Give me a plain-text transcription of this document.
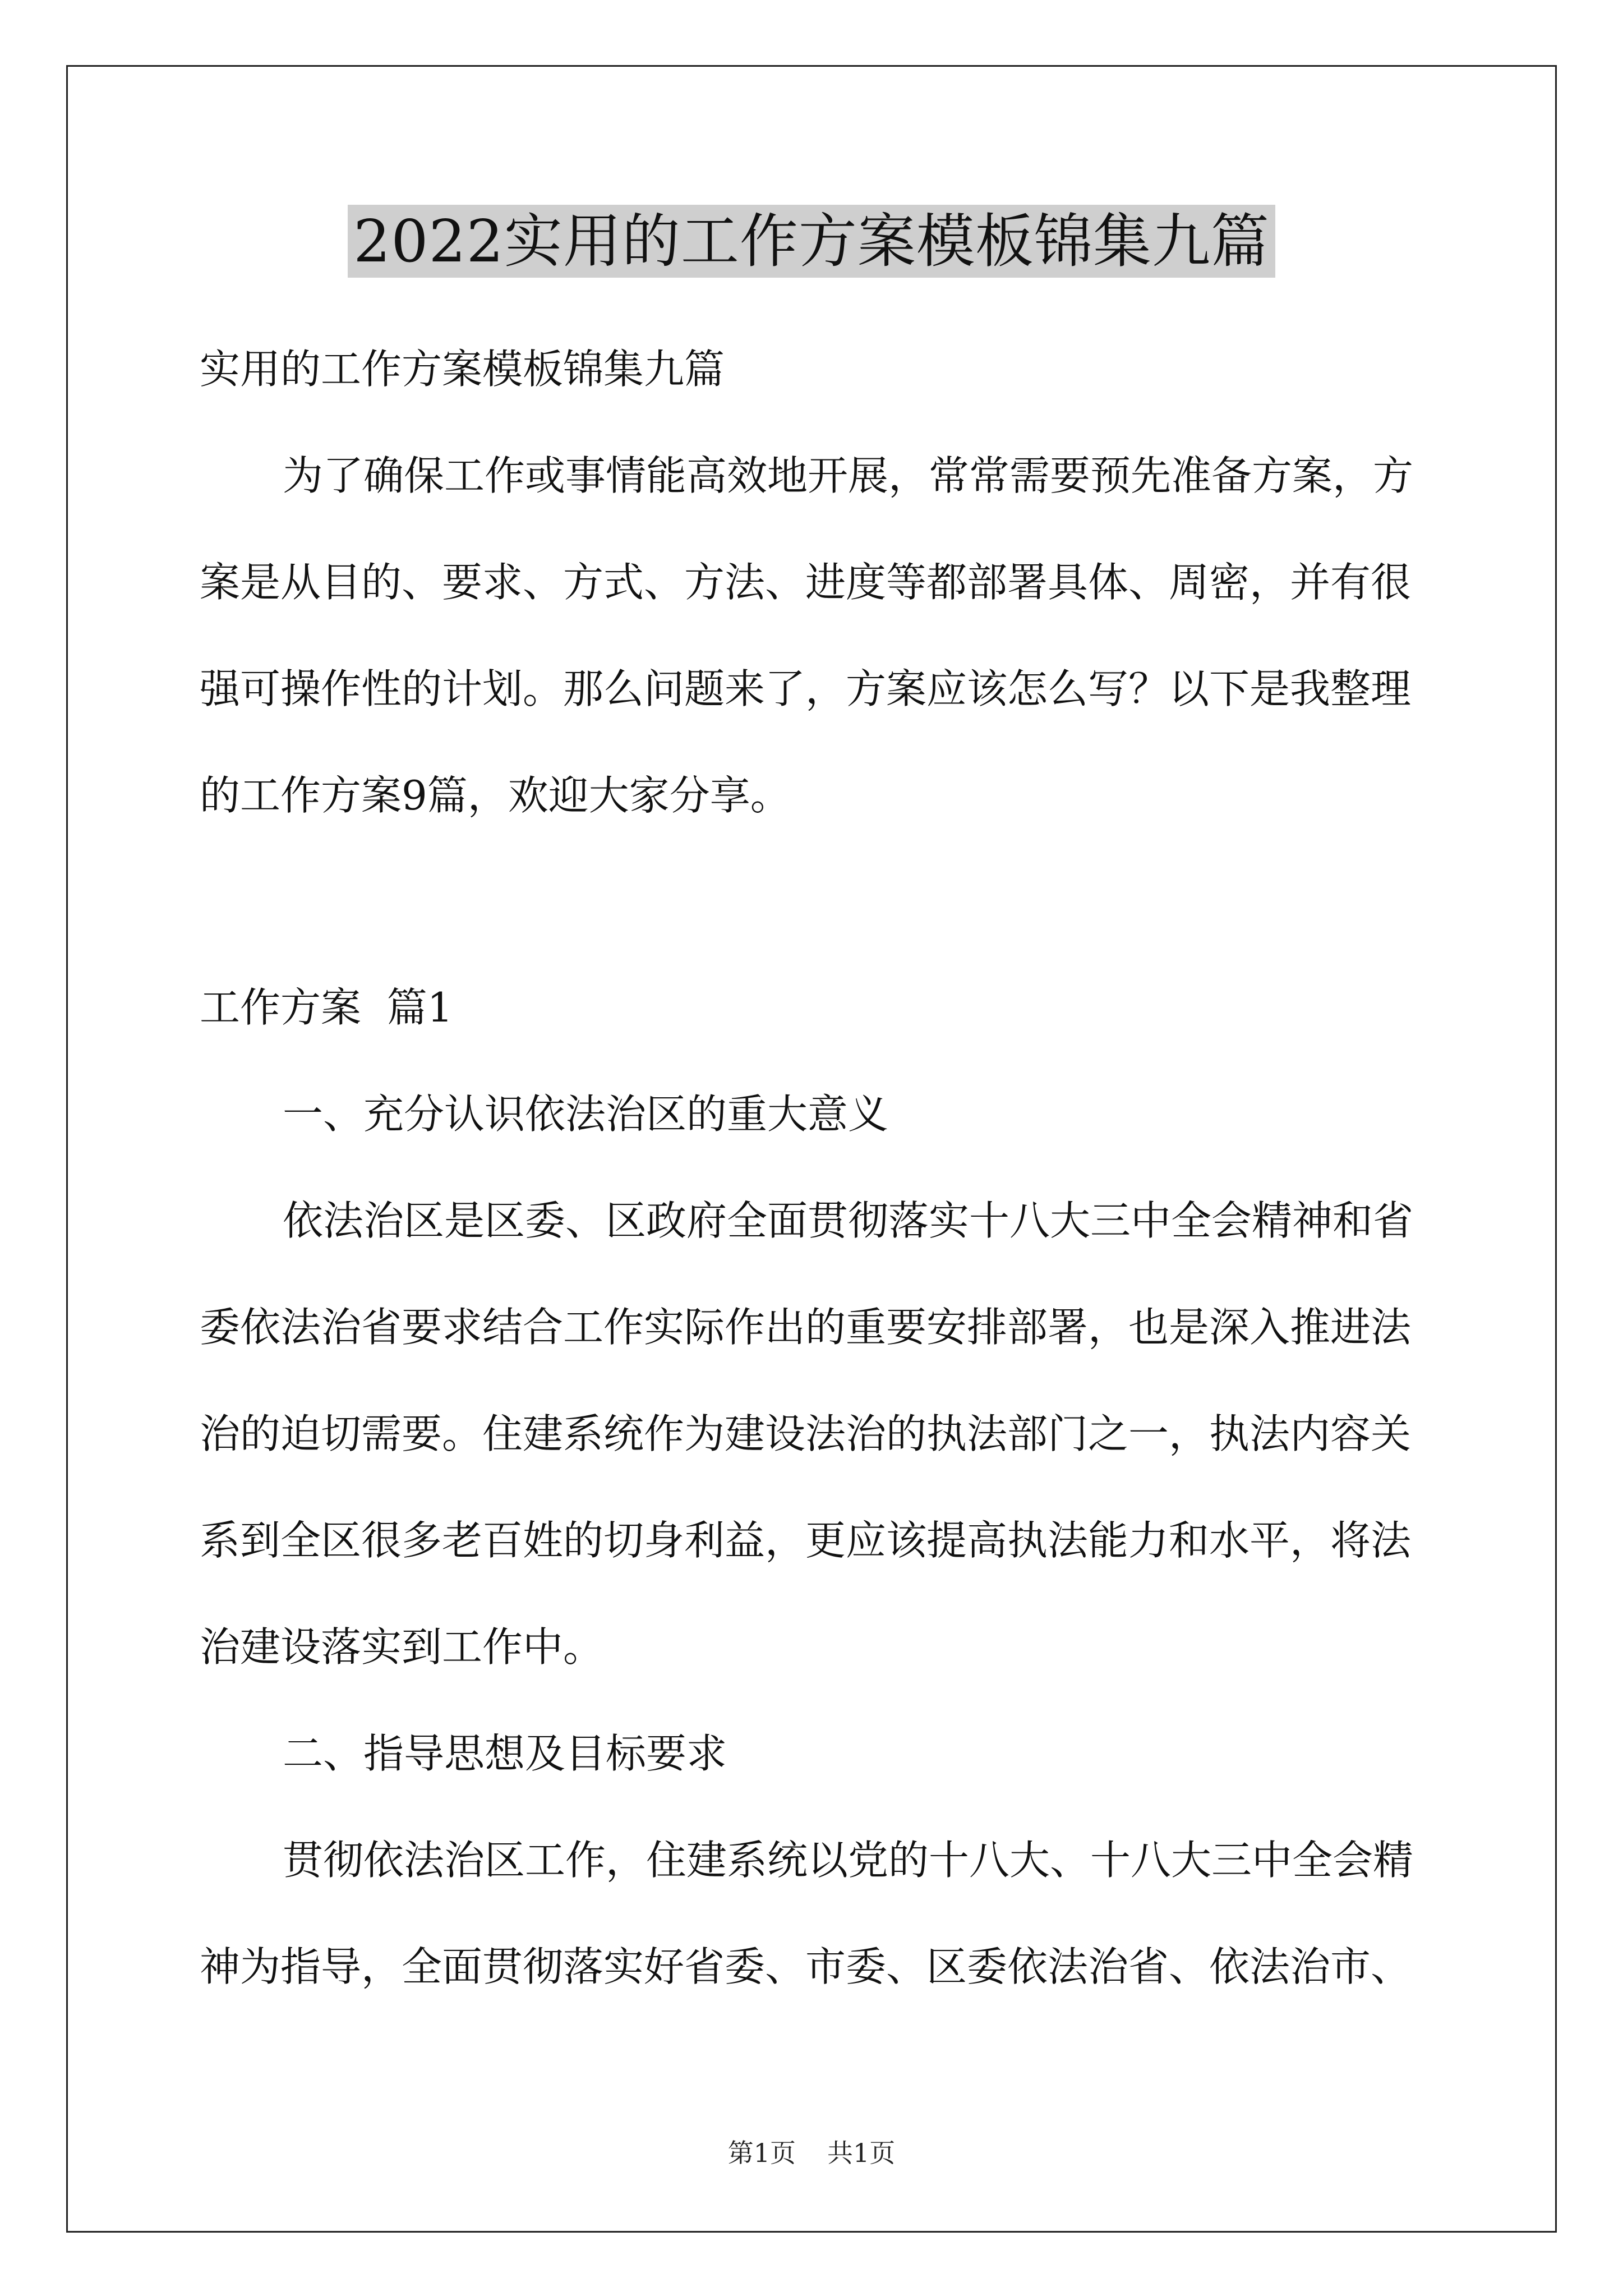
2022实用的工作方案模板锦集九篇

实用的工作方案模板锦集九篇

为了确保工作或事情能高效地开展，常常需要预先准备方案，方

案是从目的、要求、方式、方法、进度等都部署具体、周密，并有很

强可操作性的计划。那么问题来了，方案应该怎么写？以下是我整理

的工作方案9篇，欢迎大家分享。

工作方案  篇1

一、充分认识依法治区的重大意义

依法治区是区委、区政府全面贯彻落实十八大三中全会精神和省

委依法治省要求结合工作实际作出的重要安排部署，也是深入推进法

治的迫切需要。住建系统作为建设法治的执法部门之一，执法内容关

系到全区很多老百姓的切身利益，更应该提高执法能力和水平，将法

治建设落实到工作中。

二、指导思想及目标要求

贯彻依法治区工作，住建系统以党的十八大、十八大三中全会精

神为指导，全面贯彻落实好省委、市委、区委依法治省、依法治市、

第1页 共1页
